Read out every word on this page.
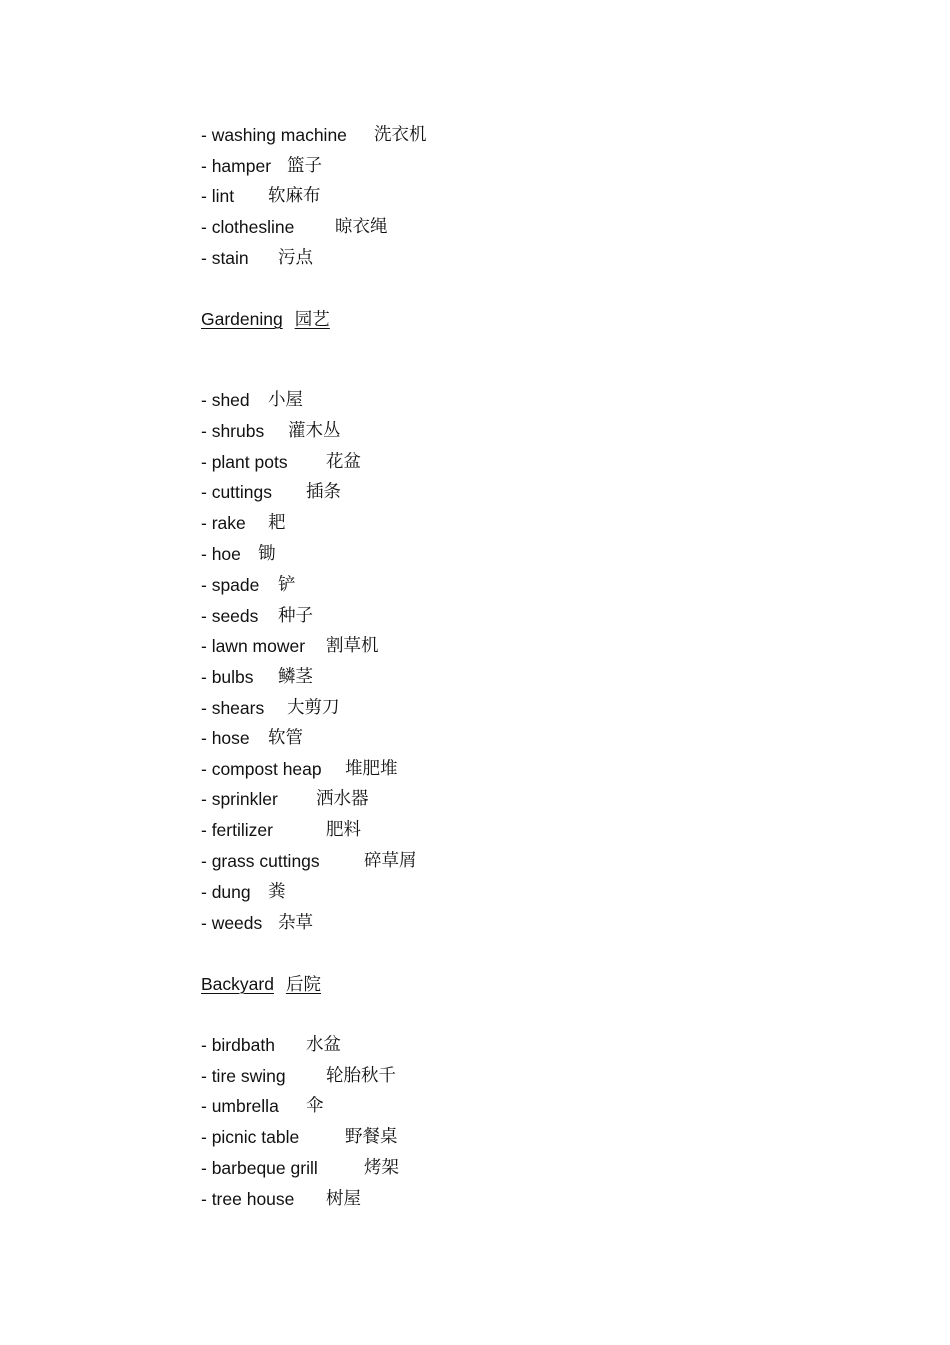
- washing machine 洗衣机
- hamper 篮子
- lint 软麻布
- clothesline 晾衣绳
- stain 污点
Gardening 园艺
- shed 小屋
- shrubs 灌木丛
- plant pots 花盆
- cuttings 插条
- rake 耙
- hoe 锄
- spade 铲
- seeds 种子
- lawn mower 割草机
- bulbs 鳞茎
- shears 大剪刀
- hose 软管
- compost heap 堆肥堆
- sprinkler 洒水器
- fertilizer	肥料
- grass cuttings	碎草屑
- dung 粪
- weeds 杂草
Backyard 后院
- birdbath 水盆
- tire swing 轮胎秋千
- umbrella 伞
- picnic table	野餐桌
- barbeque grill	烤架
- tree house 树屋
